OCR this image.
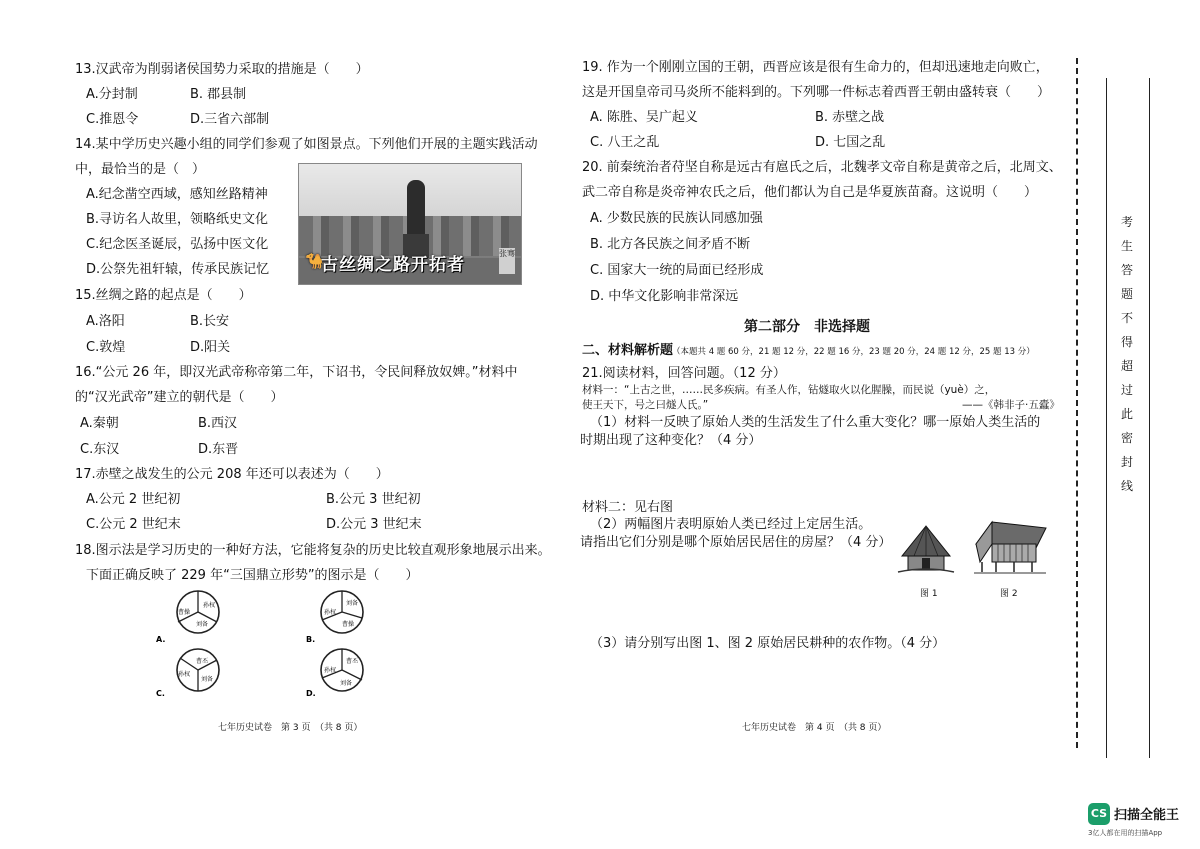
13.汉武帝为削弱诸侯国势力采取的措施是（　　）
A.分封制	B. 郡县制
C.推恩令	D.三省六部制
14.某中学历史兴趣小组的同学们参观了如图景点。下列他们开展的主题实践活动
中，最恰当的是（　）
A.纪念凿空西域，感知丝路精神
B.寻访名人故里，领略纸史文化
C.纪念医圣诞辰，弘扬中医文化
D.公祭先祖轩辕，传承民族记忆 🐪
古丝绸之路开拓者
张骞
15.丝绸之路的起点是（　　）
A.洛阳	B.长安
C.敦煌	D.阳关
16.“公元 26 年，即汉光武帝称帝第二年，下诏书，令民间释放奴婢。”材料中
的“汉光武帝”建立的朝代是（　　）
A.秦朝	B.西汉
C.东汉	D.东晋
17.赤壁之战发生的公元 208 年还可以表述为（　　）
A.公元 2 世纪初	B.公元 3 世纪初
C.公元 2 世纪末	D.公元 3 世纪末
18.图示法是学习历史的一种好方法，它能将复杂的历史比较直观形象地展示出来。
下面正确反映了 229 年“三国鼎立形势”的图示是（　　）
A.
孙权
曹操
刘备
B.
刘备
孙权
曹操
C.
曹丕
孙权
刘备
D.
曹丕
孙权
刘备
七年历史试卷　第 3 页　（共 8 页）
19. 作为一个刚刚立国的王朝，西晋应该是很有生命力的，但却迅速地走向败亡，
这是开国皇帝司马炎所不能料到的。下列哪一件标志着西晋王朝由盛转衰（　　）
A. 陈胜、吴广起义	B. 赤壁之战
C. 八王之乱	D. 七国之乱
20. 前秦统治者苻坚自称是远古有扈氏之后，北魏孝文帝自称是黄帝之后，北周文、
武二帝自称是炎帝神农氏之后，他们都认为自己是华夏族苗裔。这说明（　　）
A. 少数民族的民族认同感加强
B. 北方各民族之间矛盾不断
C. 国家大一统的局面已经形成
D. 中华文化影响非常深远
第二部分　非选择题
二、材料解析题
（本题共 4 题 60 分，21 题 12 分，22 题 16 分，23 题 20 分，24 题 12 分，25 题 13 分）
21.阅读材料，回答问题。（12 分）
材料一：“上古之世，……民多疾病。有圣人作，钻燧取火以化腥臊，而民说（yuè）之，
使王天下，号之曰燧人氏。”	——《韩非子·五蠹》
（1）材料一反映了原始人类的生活发生了什么重大变化？哪一原始人类生活的
时期出现了这种变化？（4 分）
材料二：见右图
（2）两幅图片表明原始人类已经过上定居生活。
请指出它们分别是哪个原始居民居住的房屋？（4 分）
图 1	图 2
（3）请分别写出图 1、图 2 原始居民耕种的农作物。（4 分）
七年历史试卷　第 4 页　（共 8 页）
考生答题不得超过此密封线
CS 扫描全能王
3亿人都在用的扫描App
